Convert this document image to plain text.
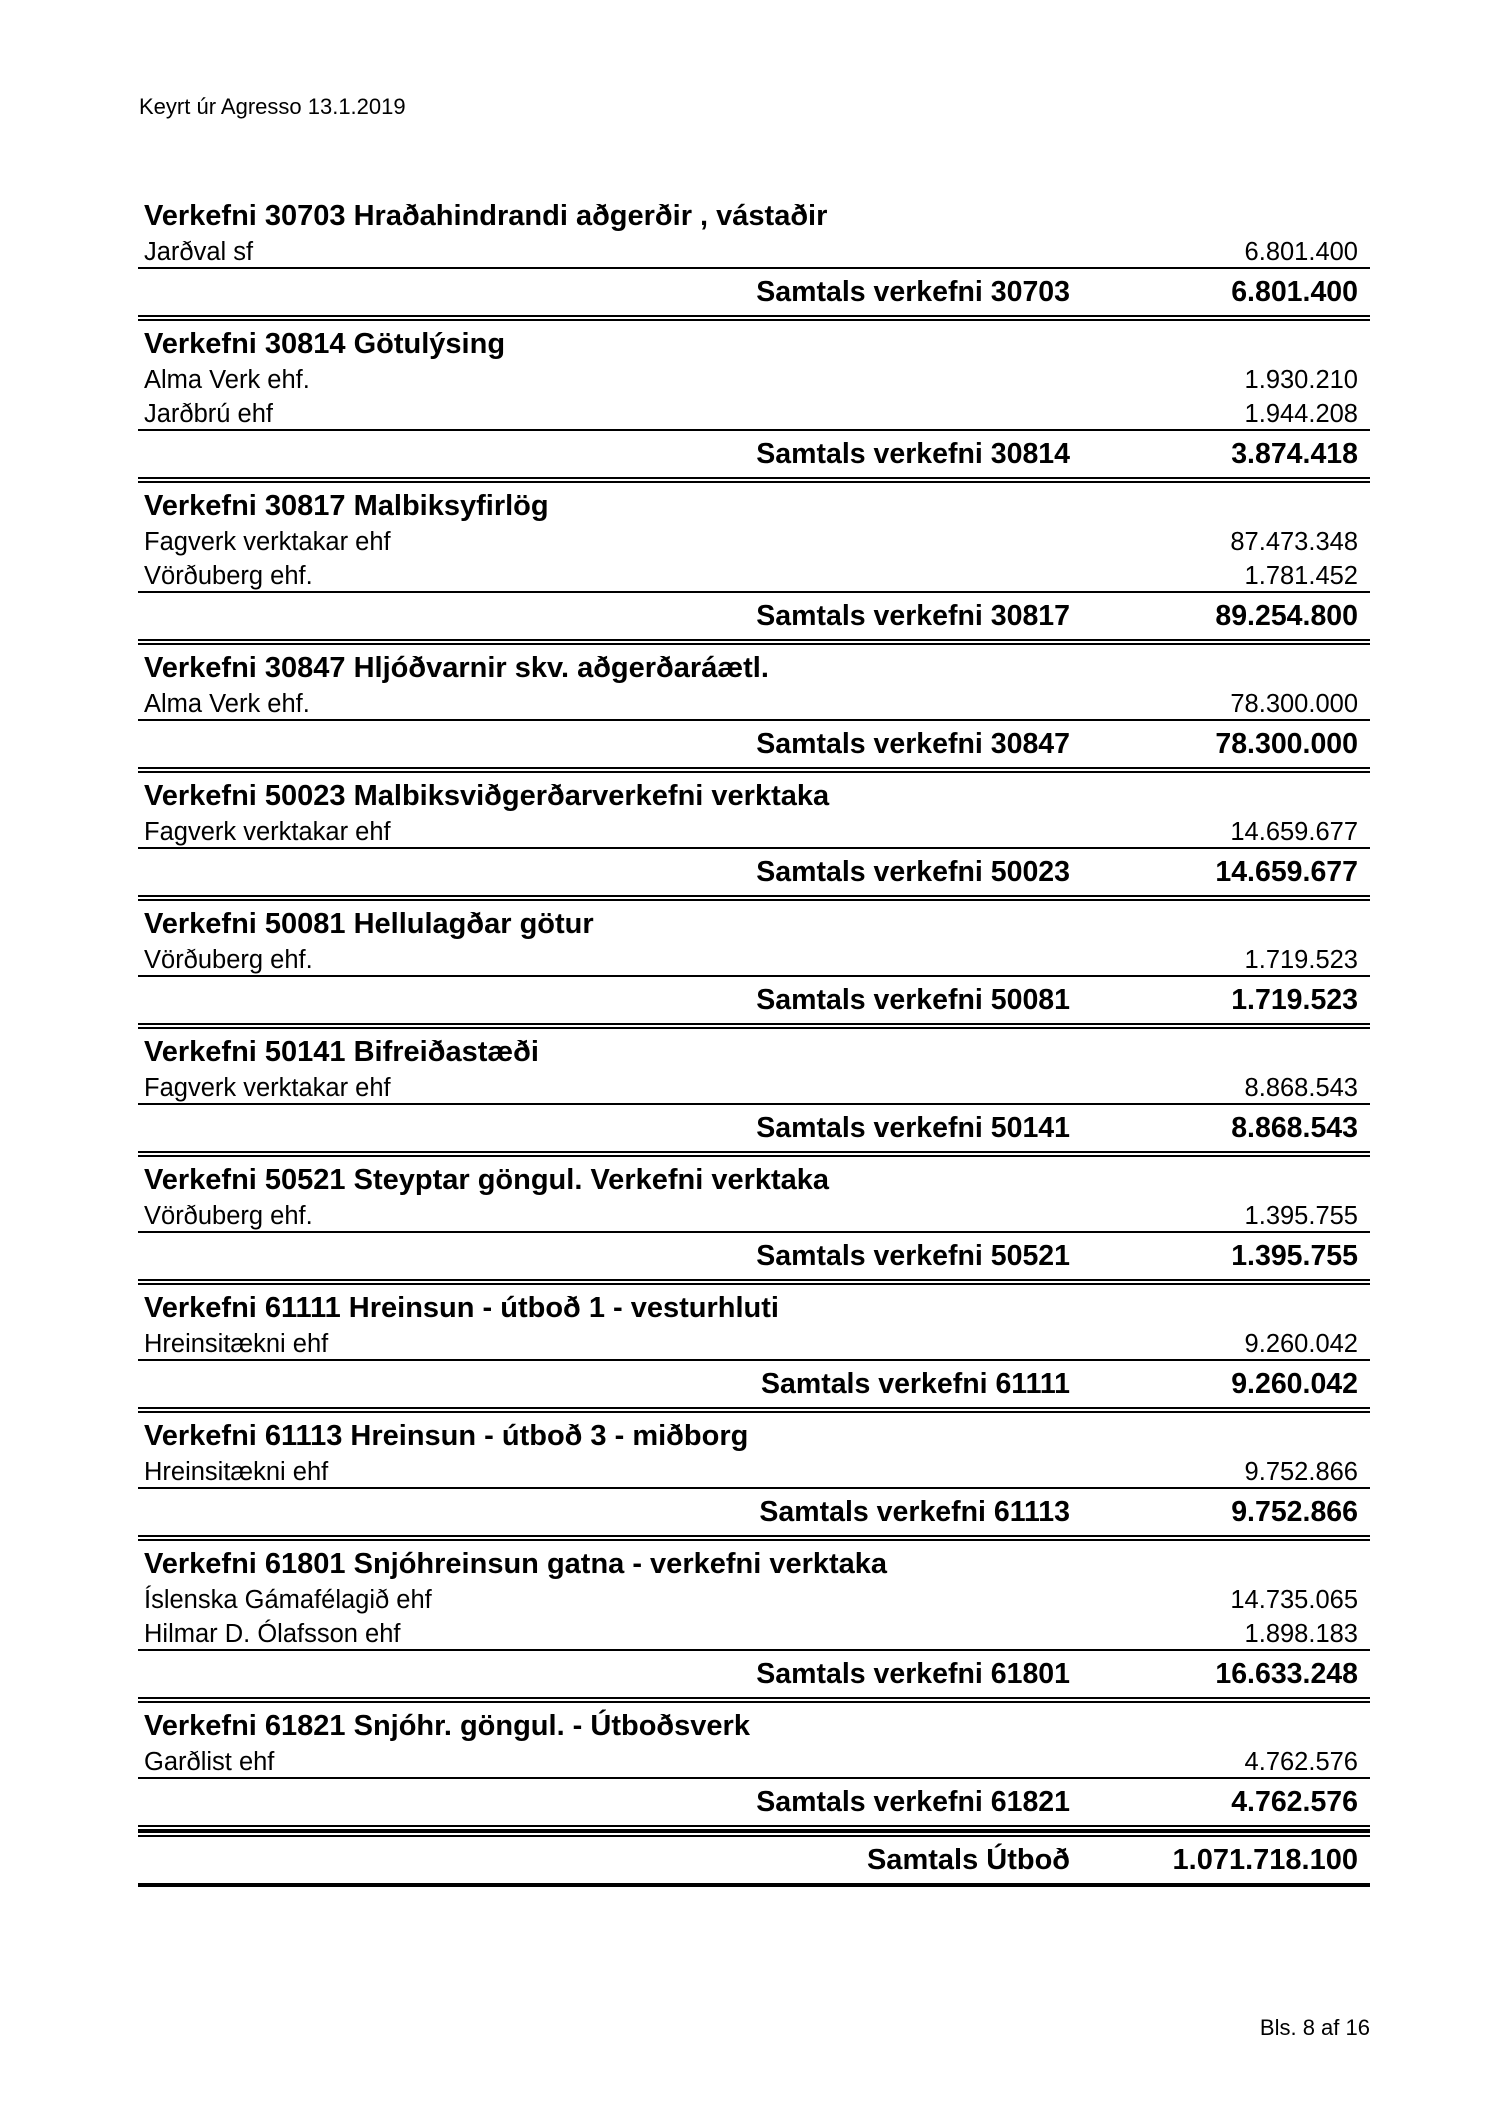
Keyrt úr Agresso 13.1.2019
Verkefni 30703 Hraðahindrandi aðgerðir , vástaðir
Jarðval sf	6.801.400
Samtals verkefni 30703	6.801.400
Verkefni 30814 Götulýsing
Alma Verk ehf.	1.930.210
Jarðbrú ehf	1.944.208
Samtals verkefni 30814	3.874.418
Verkefni 30817 Malbiksyfirlög
Fagverk verktakar ehf	87.473.348
Vörðuberg ehf.	1.781.452
Samtals verkefni 30817	89.254.800
Verkefni 30847 Hljóðvarnir skv. aðgerðaráætl.
Alma Verk ehf.	78.300.000
Samtals verkefni 30847	78.300.000
Verkefni 50023 Malbiksviðgerðarverkefni verktaka
Fagverk verktakar ehf	14.659.677
Samtals verkefni 50023	14.659.677
Verkefni 50081 Hellulagðar götur
Vörðuberg ehf.	1.719.523
Samtals verkefni 50081	1.719.523
Verkefni 50141 Bifreiðastæði
Fagverk verktakar ehf	8.868.543
Samtals verkefni 50141	8.868.543
Verkefni 50521 Steyptar göngul. Verkefni verktaka
Vörðuberg ehf.	1.395.755
Samtals verkefni 50521	1.395.755
Verkefni 61111 Hreinsun - útboð 1 - vesturhluti
Hreinsitækni ehf	9.260.042
Samtals verkefni 61111	9.260.042
Verkefni 61113 Hreinsun - útboð 3 - miðborg
Hreinsitækni ehf	9.752.866
Samtals verkefni 61113	9.752.866
Verkefni 61801 Snjóhreinsun gatna - verkefni verktaka
Íslenska Gámafélagið ehf	14.735.065
Hilmar D. Ólafsson ehf	1.898.183
Samtals verkefni 61801	16.633.248
Verkefni 61821 Snjóhr. göngul. - Útboðsverk
Garðlist ehf	4.762.576
Samtals verkefni 61821	4.762.576
Samtals Útboð	1.071.718.100
Bls. 8 af 16
